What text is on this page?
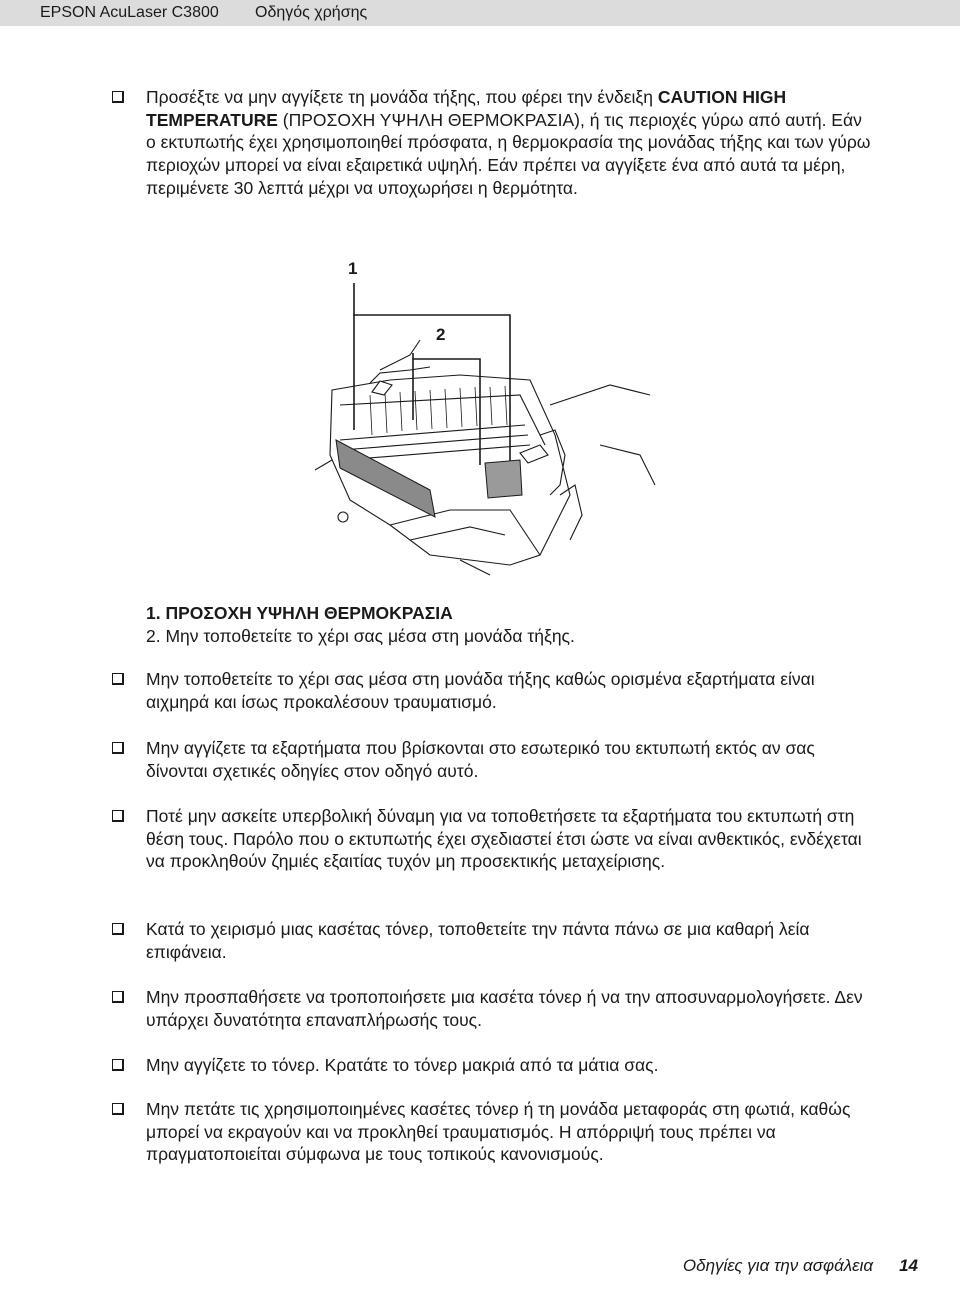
EPSON AcuLaser C3800 Οδηγός χρήσης
Προσέξτε να μην αγγίξετε τη μονάδα τήξης, που φέρει την ένδειξη CAUTION HIGH TEMPERATURE (ΠΡΟΣΟΧΗ ΥΨΗΛΗ ΘΕΡΜΟΚΡΑΣΙΑ), ή τις περιοχές γύρω από αυτή. Εάν ο εκτυπωτής έχει χρησιμοποιηθεί πρόσφατα, η θερμοκρασία της μονάδας τήξης και των γύρω περιοχών μπορεί να είναι εξαιρετικά υψηλή. Εάν πρέπει να αγγίξετε ένα από αυτά τα μέρη, περιμένετε 30 λεπτά μέχρι να υποχωρήσει η θερμότητα.
1
2
1. ΠΡΟΣΟΧΗ ΥΨΗΛΗ ΘΕΡΜΟΚΡΑΣΙΑ
2. Μην τοποθετείτε το χέρι σας μέσα στη μονάδα τήξης.
Μην τοποθετείτε το χέρι σας μέσα στη μονάδα τήξης καθώς ορισμένα εξαρτήματα είναι αιχμηρά και ίσως προκαλέσουν τραυματισμό.
Μην αγγίζετε τα εξαρτήματα που βρίσκονται στο εσωτερικό του εκτυπωτή εκτός αν σας δίνονται σχετικές οδηγίες στον οδηγό αυτό.
Ποτέ μην ασκείτε υπερβολική δύναμη για να τοποθετήσετε τα εξαρτήματα του εκτυπωτή στη θέση τους. Παρόλο που ο εκτυπωτής έχει σχεδιαστεί έτσι ώστε να είναι ανθεκτικός, ενδέχεται να προκληθούν ζημιές εξαιτίας τυχόν μη προσεκτικής μεταχείρισης.
Κατά το χειρισμό μιας κασέτας τόνερ, τοποθετείτε την πάντα πάνω σε μια καθαρή λεία επιφάνεια.
Μην προσπαθήσετε να τροποποιήσετε μια κασέτα τόνερ ή να την αποσυναρμολογήσετε. Δεν υπάρχει δυνατότητα επαναπλήρωσής τους.
Μην αγγίζετε το τόνερ. Κρατάτε το τόνερ μακριά από τα μάτια σας.
Μην πετάτε τις χρησιμοποιημένες κασέτες τόνερ ή τη μονάδα μεταφοράς στη φωτιά, καθώς μπορεί να εκραγούν και να προκληθεί τραυματισμός. Η απόρριψή τους πρέπει να πραγματοποιείται σύμφωνα με τους τοπικούς κανονισμούς.
Οδηγίες για την ασφάλεια 14
